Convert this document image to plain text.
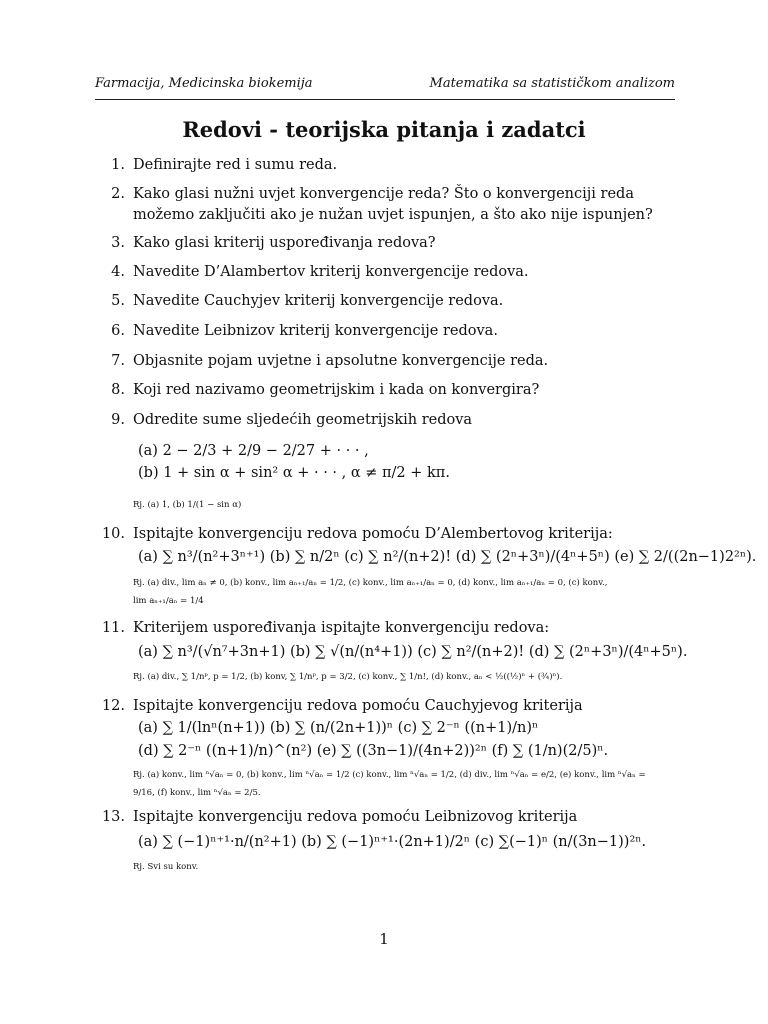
Farmacija, Medicinska biokemija	Matematika sa statističkom analizom
Redovi - teorijska pitanja i zadatci
1. Definirajte red i sumu reda.
2. Kako glasi nužni uvjet konvergencije reda? Što o konvergenciji reda možemo zaključiti ako je nužan uvjet ispunjen, a što ako nije ispunjen?
3. Kako glasi kriterij uspoređivanja redova?
4. Navedite D’Alambertov kriterij konvergencije redova.
5. Navedite Cauchyjev kriterij konvergencije redova.
6. Navedite Leibnizov kriterij konvergencije redova.
7. Objasnite pojam uvjetne i apsolutne konvergencije reda.
8. Koji red nazivamo geometrijskim i kada on konvergira?
9. Odredite sume sljedećih geometrijskih redova
(a) 2 − 2/3 + 2/9 − 2/27 + · · · ,
(b) 1 + sin α + sin² α + · · · , α ≠ π/2 + kπ.
Rj. (a) 1, (b) 1/(1 − sin α)
10. Ispitajte konvergenciju redova pomoću D’Alembertovog kriterija:
(a) ∑ n³/(n²+3ⁿ⁺¹) (b) ∑ n/2ⁿ (c) ∑ n²/(n+2)! (d) ∑ (2ⁿ+3ⁿ)/(4ⁿ+5ⁿ) (e) ∑ 2/((2n−1)2²ⁿ).
Rj. (a) div., lim aₙ ≠ 0, (b) konv., lim aₙ₊₁/aₙ = 1/2, (c) konv., lim aₙ₊₁/aₙ = 0, (d) konv., lim aₙ₊₁/aₙ = 0, (c) konv.,
lim aₙ₊₁/aₙ = 1/4
11. Kriterijem uspoređivanja ispitajte konvergenciju redova:
(a) ∑ n³/(√n⁷+3n+1) (b) ∑ √(n/(n⁴+1)) (c) ∑ n²/(n+2)! (d) ∑ (2ⁿ+3ⁿ)/(4ⁿ+5ⁿ).
Rj. (a) div., ∑ 1/nᵖ, p = 1/2, (b) konv, ∑ 1/nᵖ, p = 3/2, (c) konv., ∑ 1/n!, (d) konv., aₙ < ½((½)ⁿ + (¾)ⁿ).
12. Ispitajte konvergenciju redova pomoću Cauchyjevog kriterija
(a) ∑ 1/(lnⁿ(n+1)) (b) ∑ (n/(2n+1))ⁿ (c) ∑ 2⁻ⁿ ((n+1)/n)ⁿ
(d) ∑ 2⁻ⁿ ((n+1)/n)^(n²) (e) ∑ ((3n−1)/(4n+2))²ⁿ (f) ∑ (1/n)(2/5)ⁿ.
Rj. (a) konv., lim ⁿ√aₙ = 0, (b) konv., lim ⁿ√aₙ = 1/2 (c) konv., lim ⁿ√aₙ = 1/2, (d) div., lim ⁿ√aₙ = e/2, (e) konv., lim ⁿ√aₙ =
9/16, (f) konv., lim ⁿ√aₙ = 2/5.
13. Ispitajte konvergenciju redova pomoću Leibnizovog kriterija
(a) ∑ (−1)ⁿ⁺¹·n/(n²+1) (b) ∑ (−1)ⁿ⁺¹·(2n+1)/2ⁿ (c) ∑(−1)ⁿ (n/(3n−1))²ⁿ.
Rj. Svi su konv.
1
